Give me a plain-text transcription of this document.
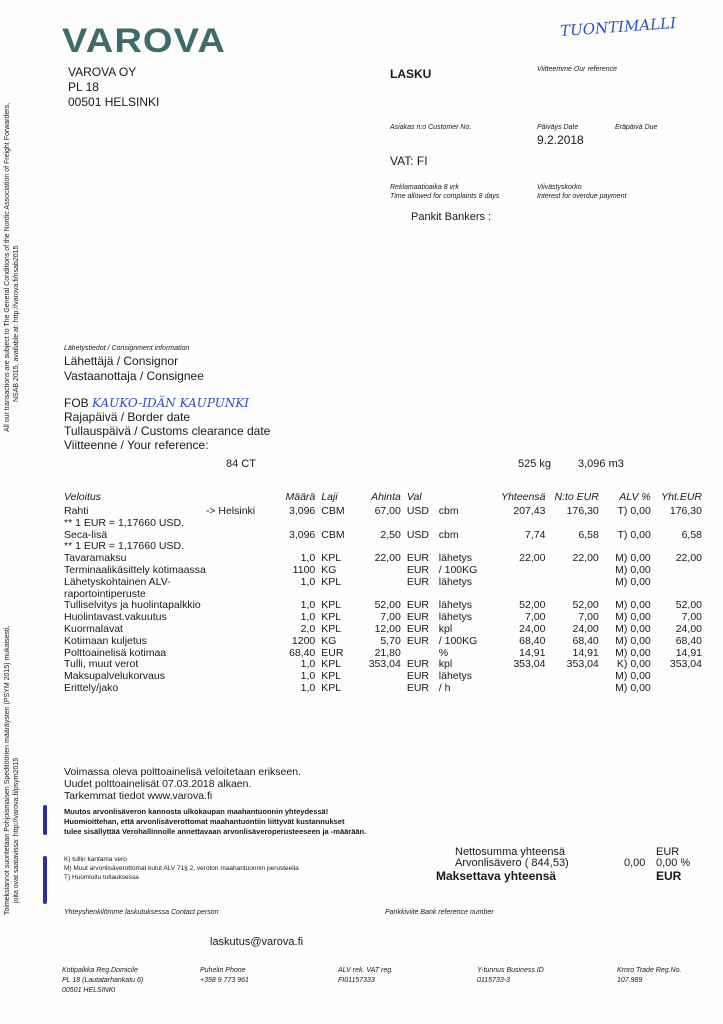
VAROVA	TUONTIMALLI
All our transactions are subject to The General Conditions of the Nordic Association of Freight Forwarders, NSAB 2015, available at: http://varova.fi/nsab2015
Toimeksiannot suoritetaan Pohjoismaisen Speditöörien määräysten (PSYM 2015) mukaisesti, joita ovat saatavissa: http://varova.fi/psym2015
VAROVA OY
PL 18
00501 HELSINKI
LASKU	Viitteemme Our reference
Asiakas n:o Customer No.	Päiväys Date	Eräpäivä Due
9.2.2018
VAT: FI
Reklamaatioaika 8 vrk
Time allowed for complaints 8 days
Viivästyskorko
Interest for overdue payment
Pankit Bankers :
Lähetystiedot / Consignment information
Lähettäjä / Consignor
Vastaanottaja / Consignee
FOB KAUKO-IDÄN KAUPUNKI
Rajapäivä / Border date
Tullauspäivä / Customs clearance date
Viitteenne / Your reference:
84 CT	525 kg 3,096 m3
Veloitus		Määrä	Laji	Ahinta	Val		Yhteensä	N:to EUR	ALV %	Yht.EUR
Rahti	-> Helsinki	3,096	CBM	67,00	USD	cbm	207,43	176,30	T) 0,00	176,30
** 1 EUR = 1,17660 USD.										
Seca-lisä		3,096	CBM	2,50	USD	cbm	7,74	6,58	T) 0,00	6,58
** 1 EUR = 1,17660 USD.										
Tavaramaksu		1,0	KPL	22,00	EUR	lähetys	22,00	22,00	M) 0,00	22,00
Terminaalikäsittely kotimaassa		1100	KG		EUR	/ 100KG			M) 0,00	
Lähetyskohtainen ALV-		1,0	KPL		EUR	lähetys			M) 0,00	
raportointiperuste										
Tulliselvitys ja huolintapalkkio		1,0	KPL	52,00	EUR	lähetys	52,00	52,00	M) 0,00	52,00
Huolintavast.vakuutus		1,0	KPL	7,00	EUR	lähetys	7,00	7,00	M) 0,00	7,00
Kuormalavat		2,0	KPL	12,00	EUR	kpl	24,00	24,00	M) 0,00	24,00
Kotimaan kuljetus		1200	KG	5,70	EUR	/ 100KG	68,40	68,40	M) 0,00	68,40
Polttoainelisä kotimaa		68,40	EUR	21,80		%	14,91	14,91	M) 0,00	14,91
Tulli, muut verot		1,0	KPL	353,04	EUR	kpl	353,04	353,04	K) 0,00	353,04
Maksupalvelukorvaus		1,0	KPL		EUR	lähetys			M) 0,00	
Erittely/jako		1,0	KPL		EUR	/ h			M) 0,00	
Voimassa oleva polttoainelisä veloitetaan erikseen.
Uudet polttoainelisät 07.03.2018 alkaen.
Tarkemmat tiedot www.varova.fi
Muutos arvonlisäveron kannosta ulkokaupan maahantuonnin yhteydessä!
Huomioittehan, että arvonlisäverottomat maahantuontiin liittyvät kustannukset
tulee sisällyttää Verohallinnolle annettavaan arvonlisäveroperusteeseen ja -määrään.
K) tullin kantama vero
M) Muut arvonlisäverottomat kulut ALV 71§ 2, veroton maahantuonnin perusteella
T) Huomioitu tullauksessa
Nettosumma yhteensä	EUR
Arvonlisävero ( 844,53)	0,00 0,00 %
Maksettava yhteensä	EUR
Yhteyshenkilömme laskutuksessa Contact person	Pankkiviite Bank reference number
laskutus@varova.fi
Kotipaikka Reg.Domicile
PL 18 (Lautatarhankatu 6)
00501 HELSINKI
Puhelin Phone
+358 9 773 961
ALV rek. VAT reg.
FI01157333
Y-tunnus Business ID
0115733-3
Krnro Trade Reg.No.
107.989
